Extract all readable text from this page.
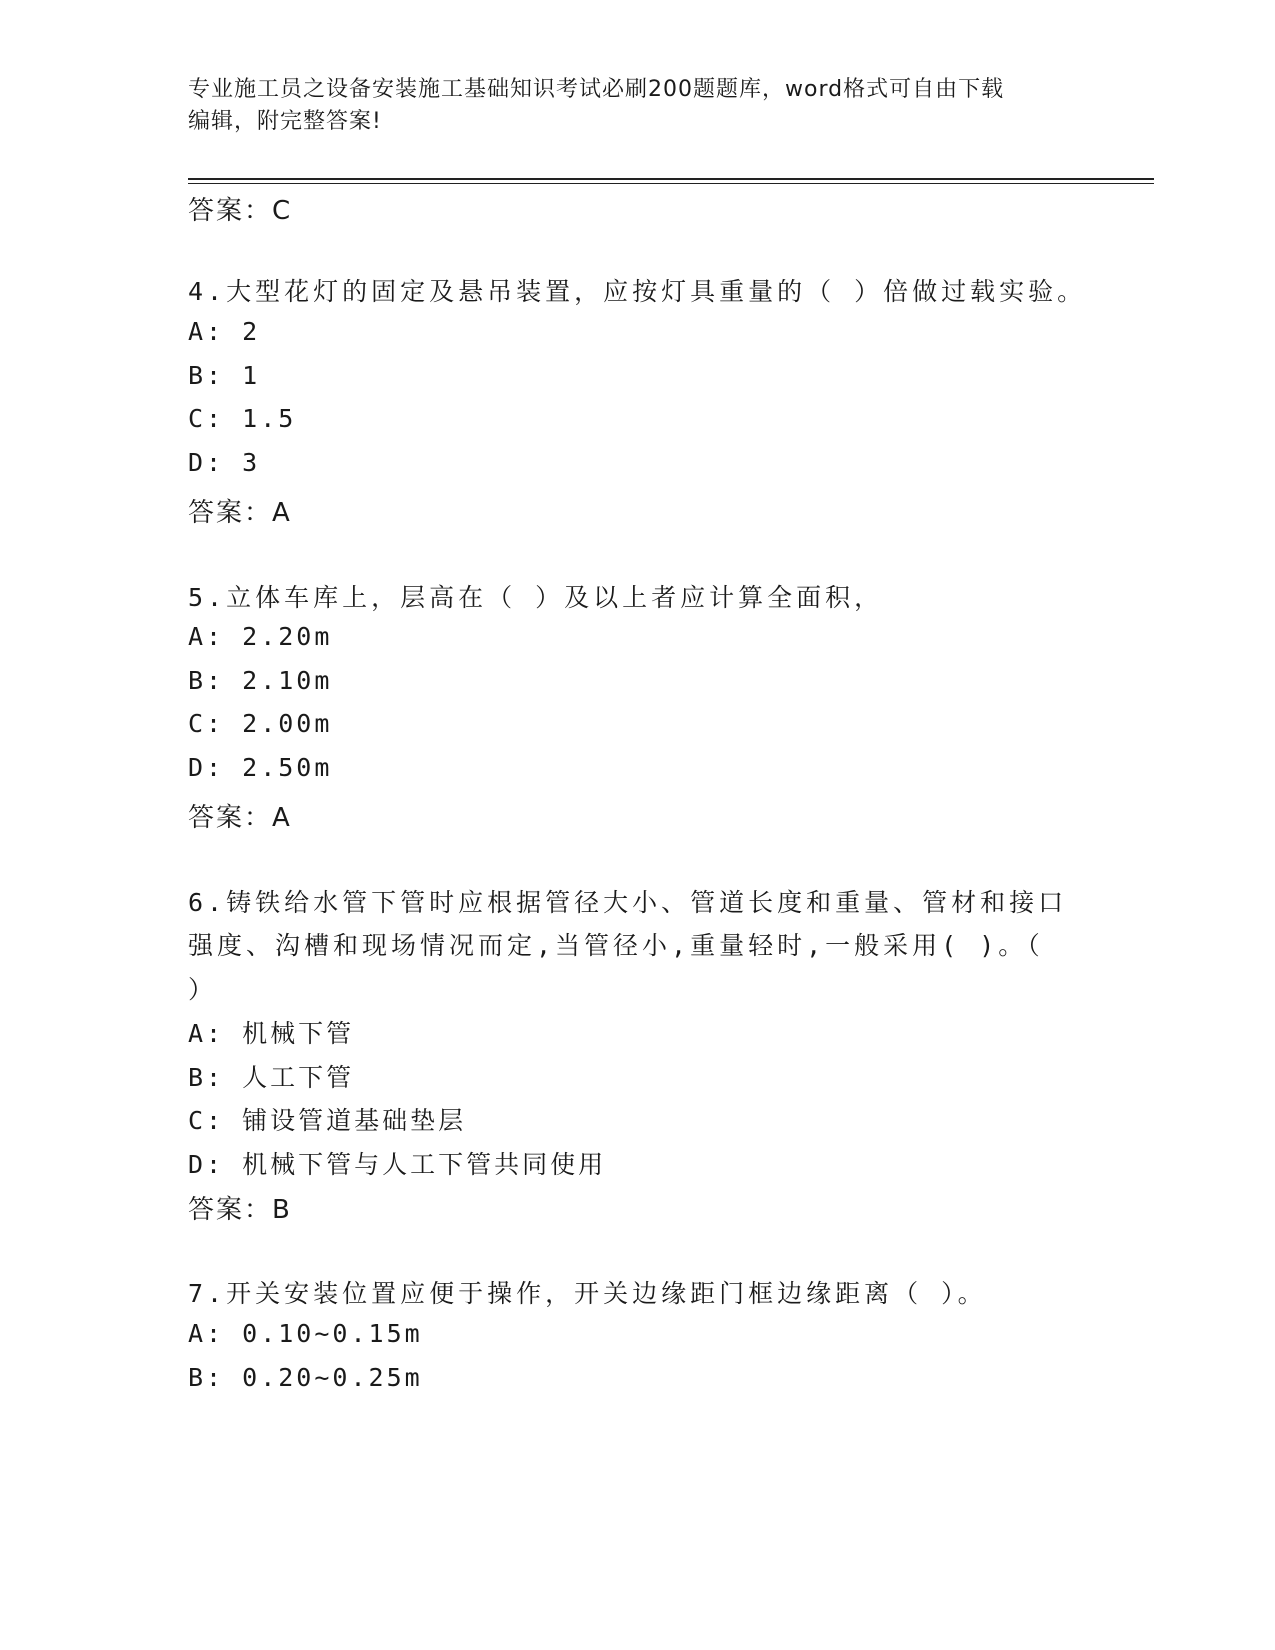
专业施工员之设备安装施工基础知识考试必刷200题题库，word格式可自由下载
编辑，附完整答案!
答案：C
4.大型花灯的固定及悬吊装置，应按灯具重量的（ ）倍做过载实验。
A: 2
B: 1
C: 1.5
D: 3
答案：A
5.立体车库上，层高在（ ）及以上者应计算全面积，
A: 2.20m
B: 2.10m
C: 2.00m
D: 2.50m
答案：A
6.铸铁给水管下管时应根据管径大小、管道长度和重量、管材和接口
强度、沟槽和现场情况而定,当管径小,重量轻时,一般采用( )。（
）
A: 机械下管
B: 人工下管
C: 铺设管道基础垫层
D: 机械下管与人工下管共同使用
答案：B
7.开关安装位置应便于操作，开关边缘距门框边缘距离（ ）。
A: 0.10~0.15m
B: 0.20~0.25m
